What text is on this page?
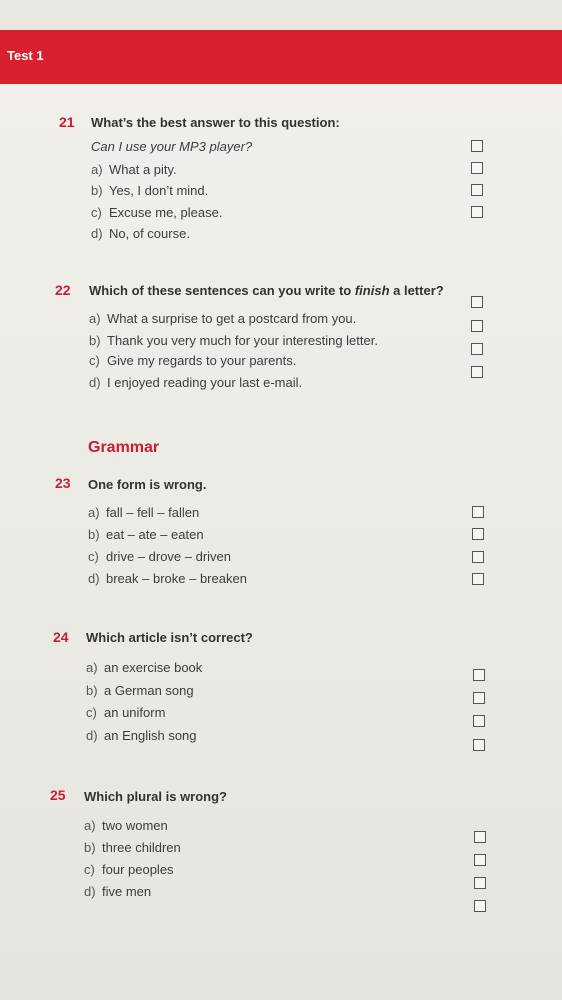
Test 1
21 What’s the best answer to this question:
Can I use your MP3 player?
a) What a pity.
b) Yes, I don’t mind.
c) Excuse me, please.
d) No, of course.
22 Which of these sentences can you write to finish a letter?
a) What a surprise to get a postcard from you.
b) Thank you very much for your interesting letter.
c) Give my regards to your parents.
d) I enjoyed reading your last e-mail.
Grammar
23 One form is wrong.
a) fall – fell – fallen
b) eat – ate – eaten
c) drive – drove – driven
d) break – broke – breaken
24 Which article isn’t correct?
a) an exercise book
b) a German song
c) an uniform
d) an English song
25 Which plural is wrong?
a) two women
b) three children
c) four peoples
d) five men
